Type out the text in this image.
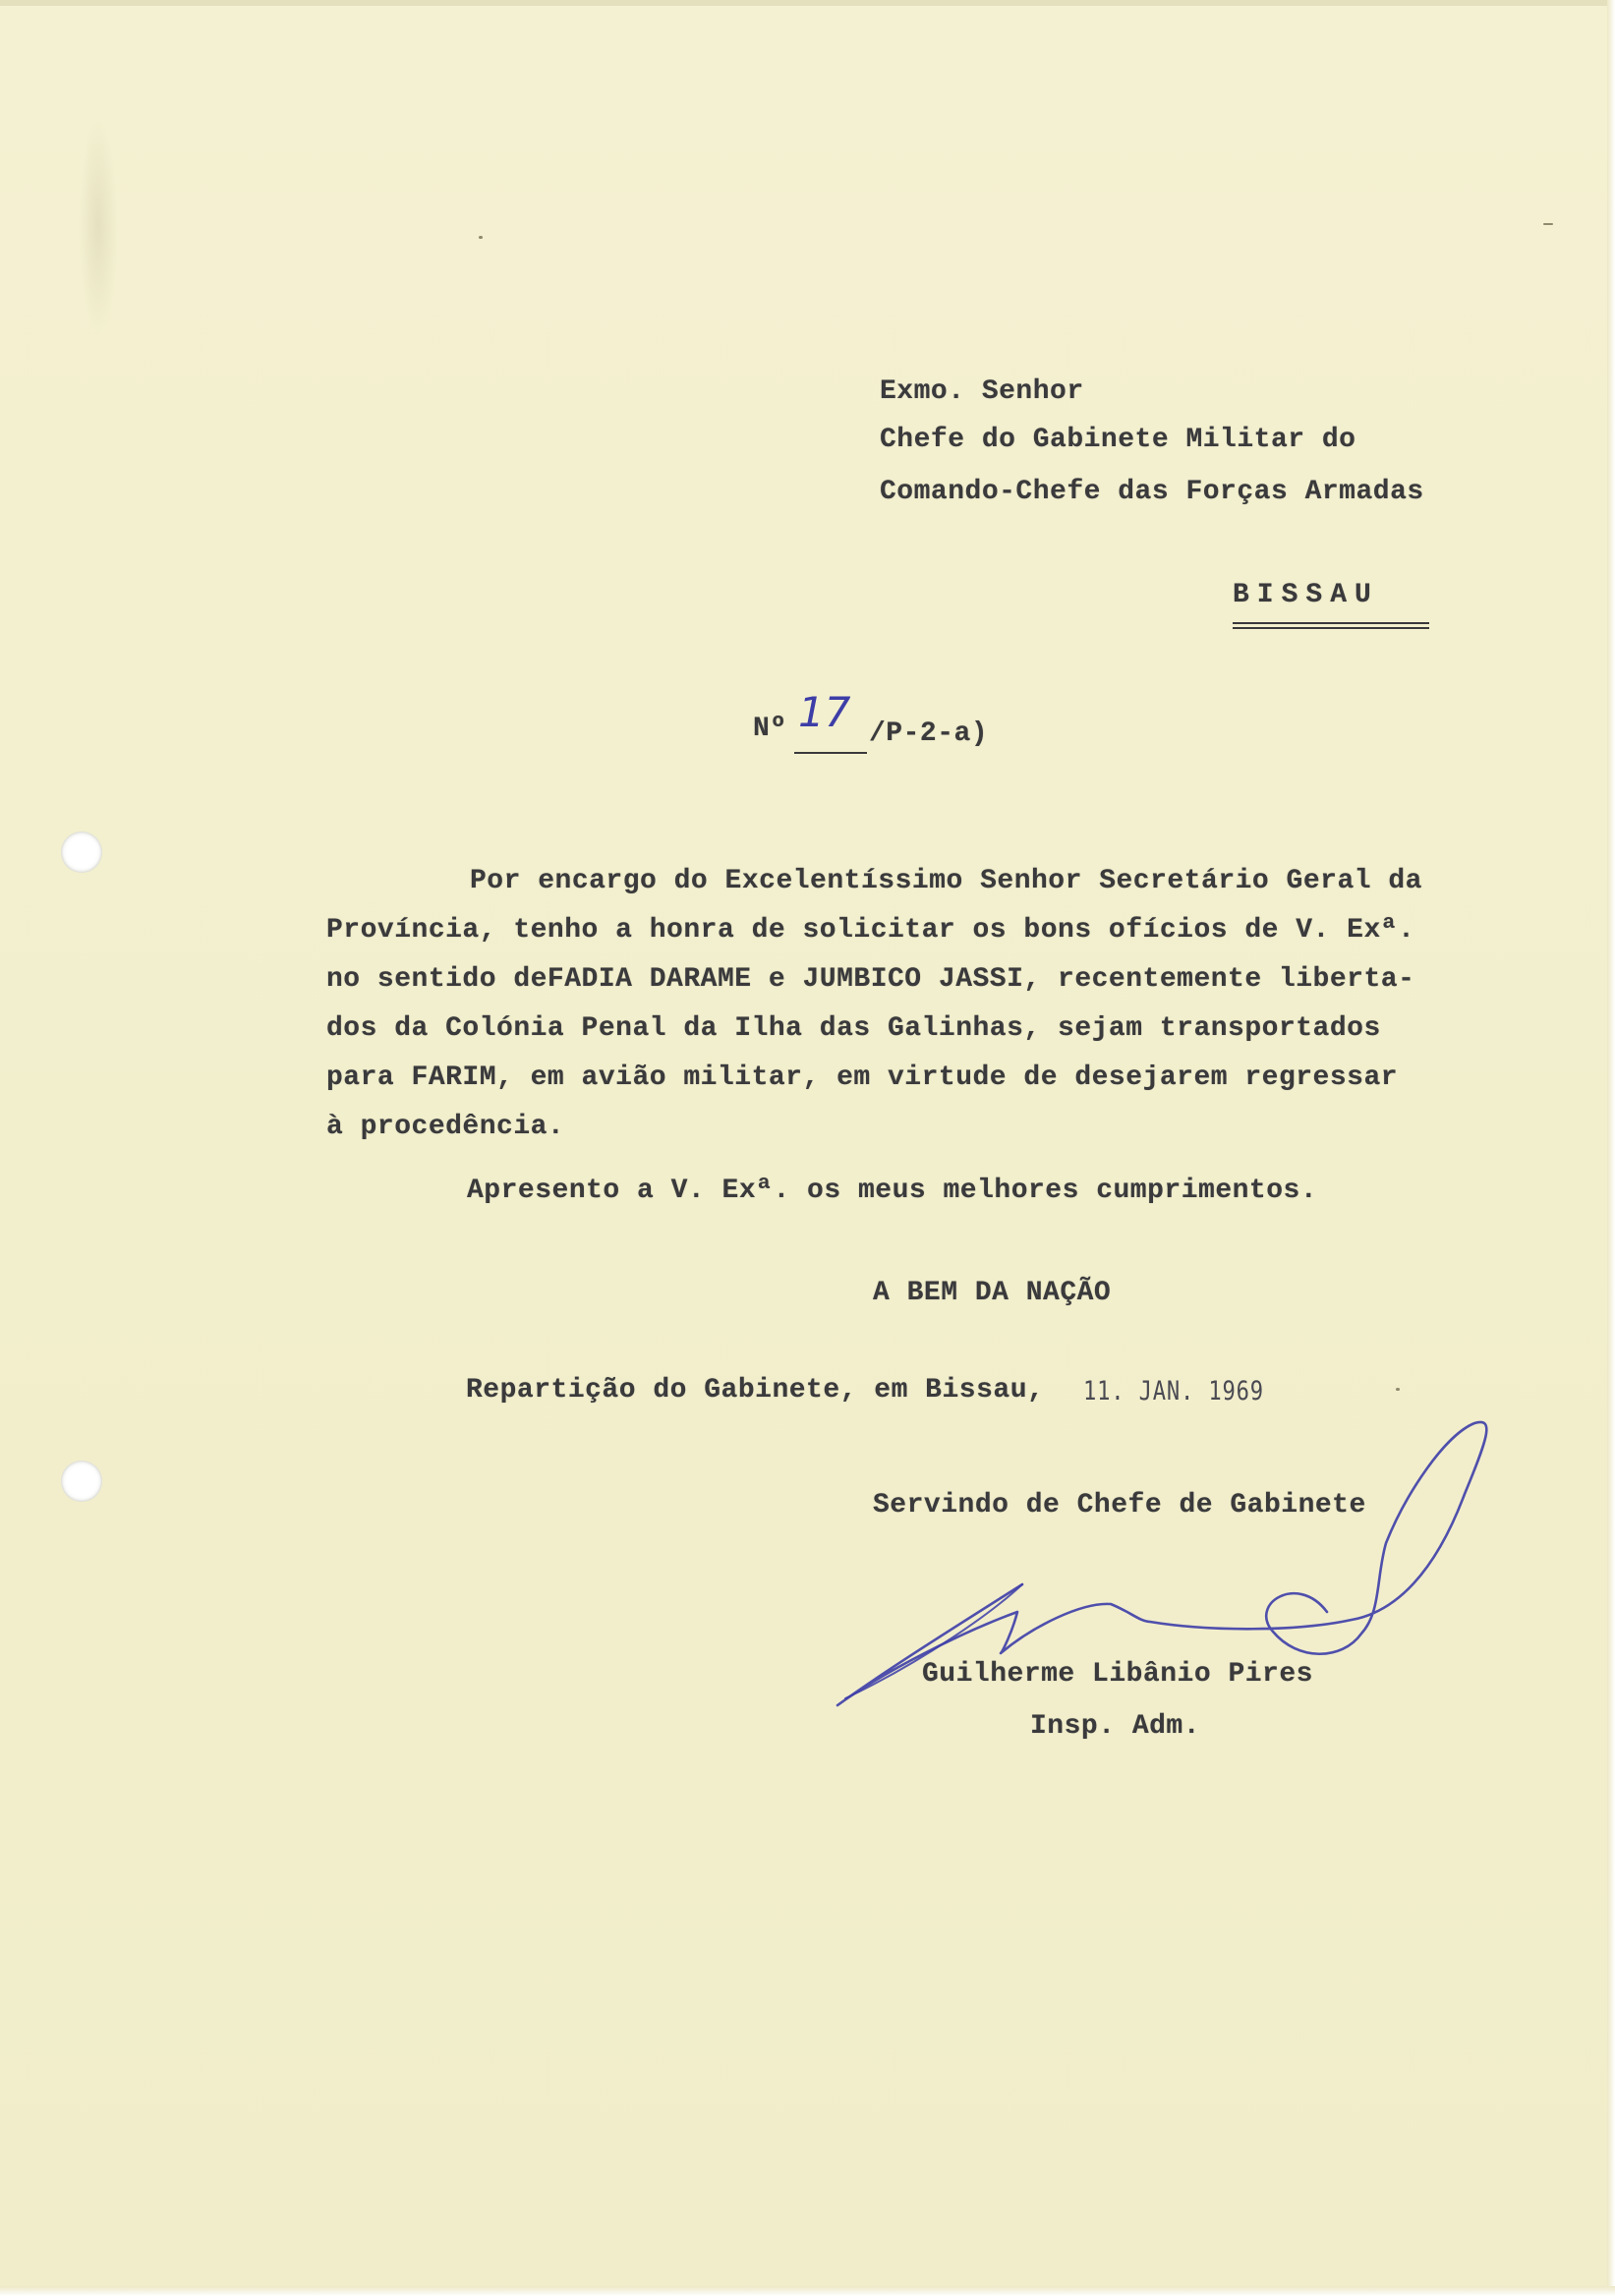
Exmo. Senhor

Chefe do Gabinete Militar do

Comando-Chefe das Forças Armadas

BISSAU

Nº 17 /P-2-a)

Por encargo do Excelentíssimo Senhor Secretário Geral da

Província, tenho a honra de solicitar os bons ofícios de V. Exª.

no sentido deFADIA DARAME e JUMBICO JASSI, recentemente liberta-

dos da Colónia Penal da Ilha das Galinhas, sejam transportados

para FARIM, em avião militar, em virtude de desejarem regressar

à procedência.

Apresento a V. Exª. os meus melhores cumprimentos.

A BEM DA NAÇÃO

Repartição do Gabinete, em Bissau, 11. JAN. 1969

Servindo de Chefe de Gabinete

Guilherme Libânio Pires

Insp. Adm.
